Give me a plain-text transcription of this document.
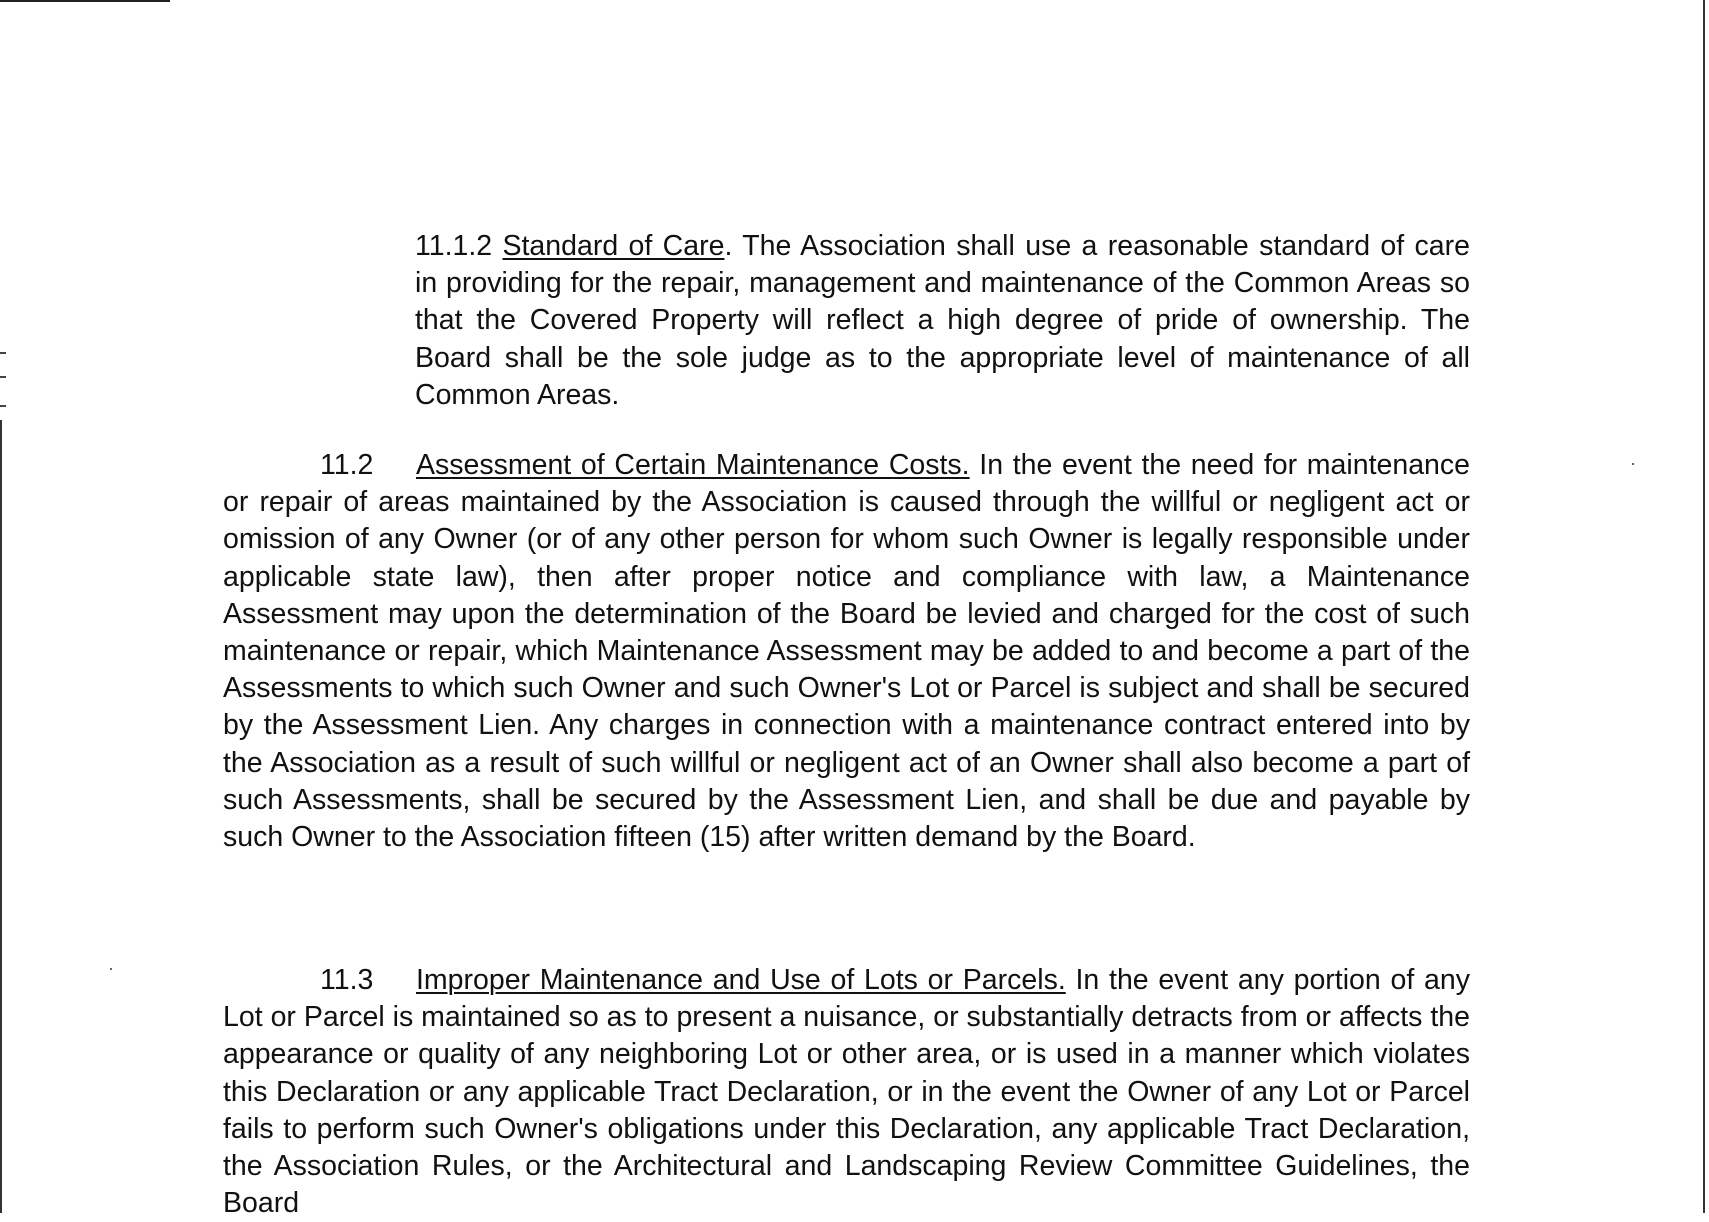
11.1.2 Standard of Care. The Association shall use a reasonable standard of care in providing for the repair, management and maintenance of the Common Areas so that the Covered Property will reflect a high degree of pride of ownership. The Board shall be the sole judge as to the appropriate level of maintenance of all Common Areas.

11.2 Assessment of Certain Maintenance Costs. In the event the need for maintenance or repair of areas maintained by the Association is caused through the willful or negligent act or omission of any Owner (or of any other person for whom such Owner is legally responsible under applicable state law), then after proper notice and compliance with law, a Maintenance Assessment may upon the determination of the Board be levied and charged for the cost of such maintenance or repair, which Maintenance Assessment may be added to and become a part of the Assessments to which such Owner and such Owner's Lot or Parcel is subject and shall be secured by the Assessment Lien. Any charges in connection with a maintenance contract entered into by the Association as a result of such willful or negligent act of an Owner shall also become a part of such Assessments, shall be secured by the Assessment Lien, and shall be due and payable by such Owner to the Association fifteen (15) after written demand by the Board.

11.3 Improper Maintenance and Use of Lots or Parcels. In the event any portion of any Lot or Parcel is maintained so as to present a nuisance, or substantially detracts from or affects the appearance or quality of any neighboring Lot or other area, or is used in a manner which violates this Declaration or any applicable Tract Declaration, or in the event the Owner of any Lot or Parcel fails to perform such Owner's obligations under this Declaration, any applicable Tract Declaration, the Association Rules, or the Architectural and Landscaping Review Committee Guidelines, the Board
